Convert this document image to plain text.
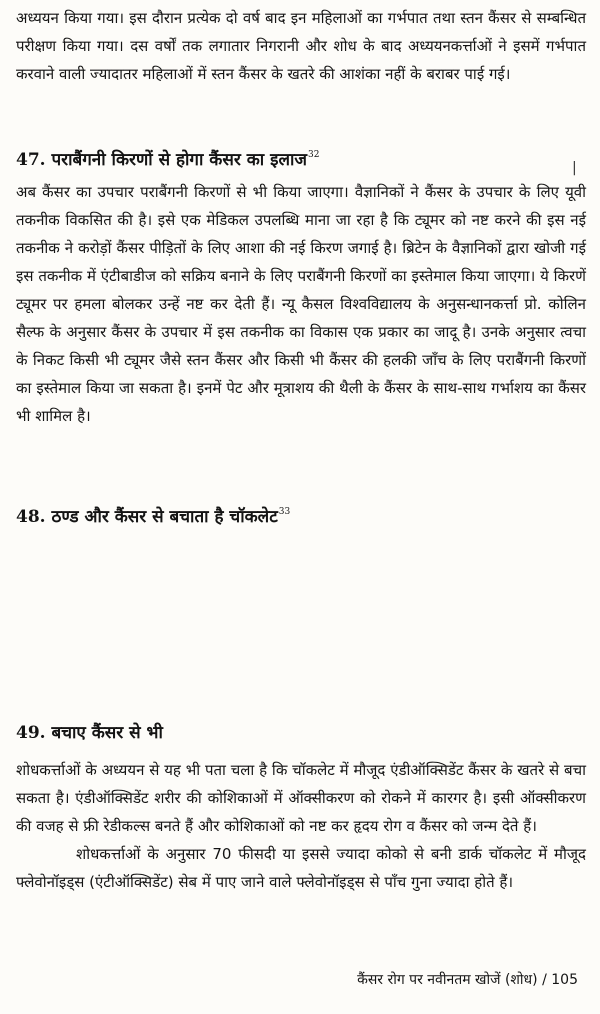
अध्ययन किया गया। इस दौरान प्रत्येक दो वर्ष बाद इन महिलाओं का गर्भपात तथा स्तन कैंसर से सम्बन्धित परीक्षण किया गया। दस वर्षों तक लगातार निगरानी और शोध के बाद अध्ययनकर्त्ताओं ने इसमें गर्भपात करवाने वाली ज्यादातर महिलाओं में स्तन कैंसर के खतरे की आशंका नहीं के बराबर पाई गई।

47. पराबैंगनी किरणों से होगा कैंसर का इलाज$^{32}$

अब कैंसर का उपचार पराबैंगनी किरणों से भी किया जाएगा। वैज्ञानिकों ने कैंसर के उपचार के लिए यूवी तकनीक विकसित की है। इसे एक मेडिकल उपलब्धि माना जा रहा है कि ट्यूमर को नष्ट करने की इस नई तकनीक ने करोड़ों कैंसर पीड़ितों के लिए आशा की नई किरण जगाई है। ब्रिटेन के वैज्ञानिकों द्वारा खोजी गई इस तकनीक में एंटीबाडीज को सक्रिय बनाने के लिए पराबैंगनी किरणों का इस्तेमाल किया जाएगा। ये किरणें ट्यूमर पर हमला बोलकर उन्हें नष्ट कर देती हैं। न्यू कैसल विश्वविद्यालय के अनुसन्धानकर्त्ता प्रो. कोलिन सैल्फ के अनुसार कैंसर के उपचार में इस तकनीक का विकास एक प्रकार का जादू है। उनके अनुसार त्वचा के निकट किसी भी ट्यूमर जैसे स्तन कैंसर और किसी भी कैंसर की हलकी जाँच के लिए पराबैंगनी किरणों का इस्तेमाल किया जा सकता है। इनमें पेट और मूत्राशय की थैली के कैंसर के साथ-साथ गर्भाशय का कैंसर भी शामिल है।

48. ठण्ड और कैंसर से बचाता है चॉकलेट$^{33}$

49. बचाए कैंसर से भी

शोधकर्त्ताओं के अध्ययन से यह भी पता चला है कि चॉकलेट में मौजूद एंडीऑक्सिडेंट कैंसर के खतरे से बचा सकता है। एंडीऑक्सिडेंट शरीर की कोशिकाओं में ऑक्सीकरण को रोकने में कारगर है। इसी ऑक्सीकरण की वजह से फ्री रेडीकल्स बनते हैं और कोशिकाओं को नष्ट कर हृदय रोग व कैंसर को जन्म देते हैं।

शोधकर्त्ताओं के अनुसार 70 फीसदी या इससे ज्यादा कोको से बनी डार्क चॉकलेट में मौजूद फ्लेवोनॉइड्स (एंटीऑक्सिडेंट) सेब में पाए जाने वाले फ्लेवोनॉइड्स से पाँच गुना ज्यादा होते हैं।

|
कैंसर रोग पर नवीनतम खोजें (शोध) / 105
